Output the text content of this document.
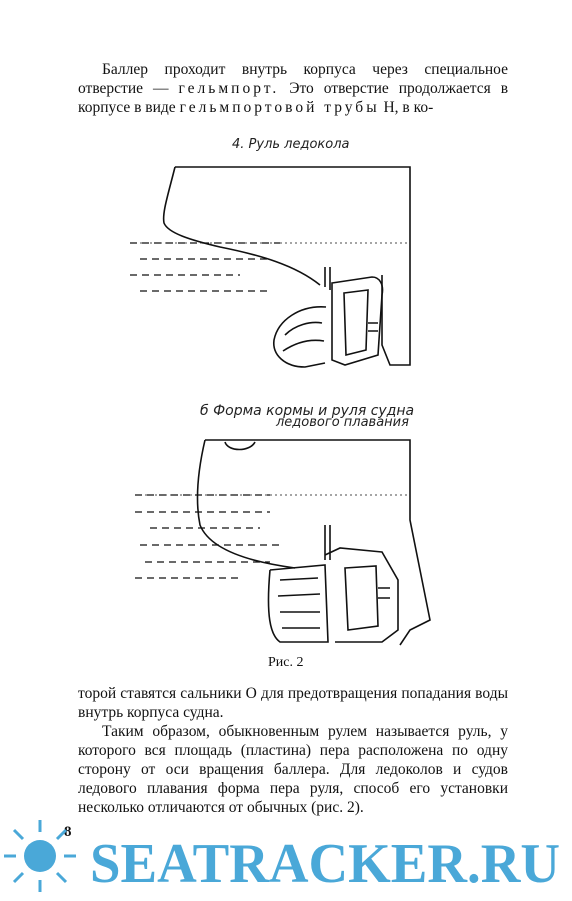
Баллер проходит внутрь корпуса через специальное отверстие — гельмпорт. Это отверстие продолжается в корпусе в виде гельмпортовой трубы H, в ко-

4. Руль ледокола
б Форма кормы и руля судна
ледового плавания
Рис. 2

торой ставятся сальники O для предотвращения попадания воды внутрь корпуса судна.

Таким образом, обыкновенным рулем называется руль, у которого вся площадь (пластина) пера расположена по одну сторону от оси вращения баллера. Для ледоколов и судов ледового плавания форма пера руля, способ его установки несколько отличаются от обычных (рис. 2).

8
SEATRACKER.RU
